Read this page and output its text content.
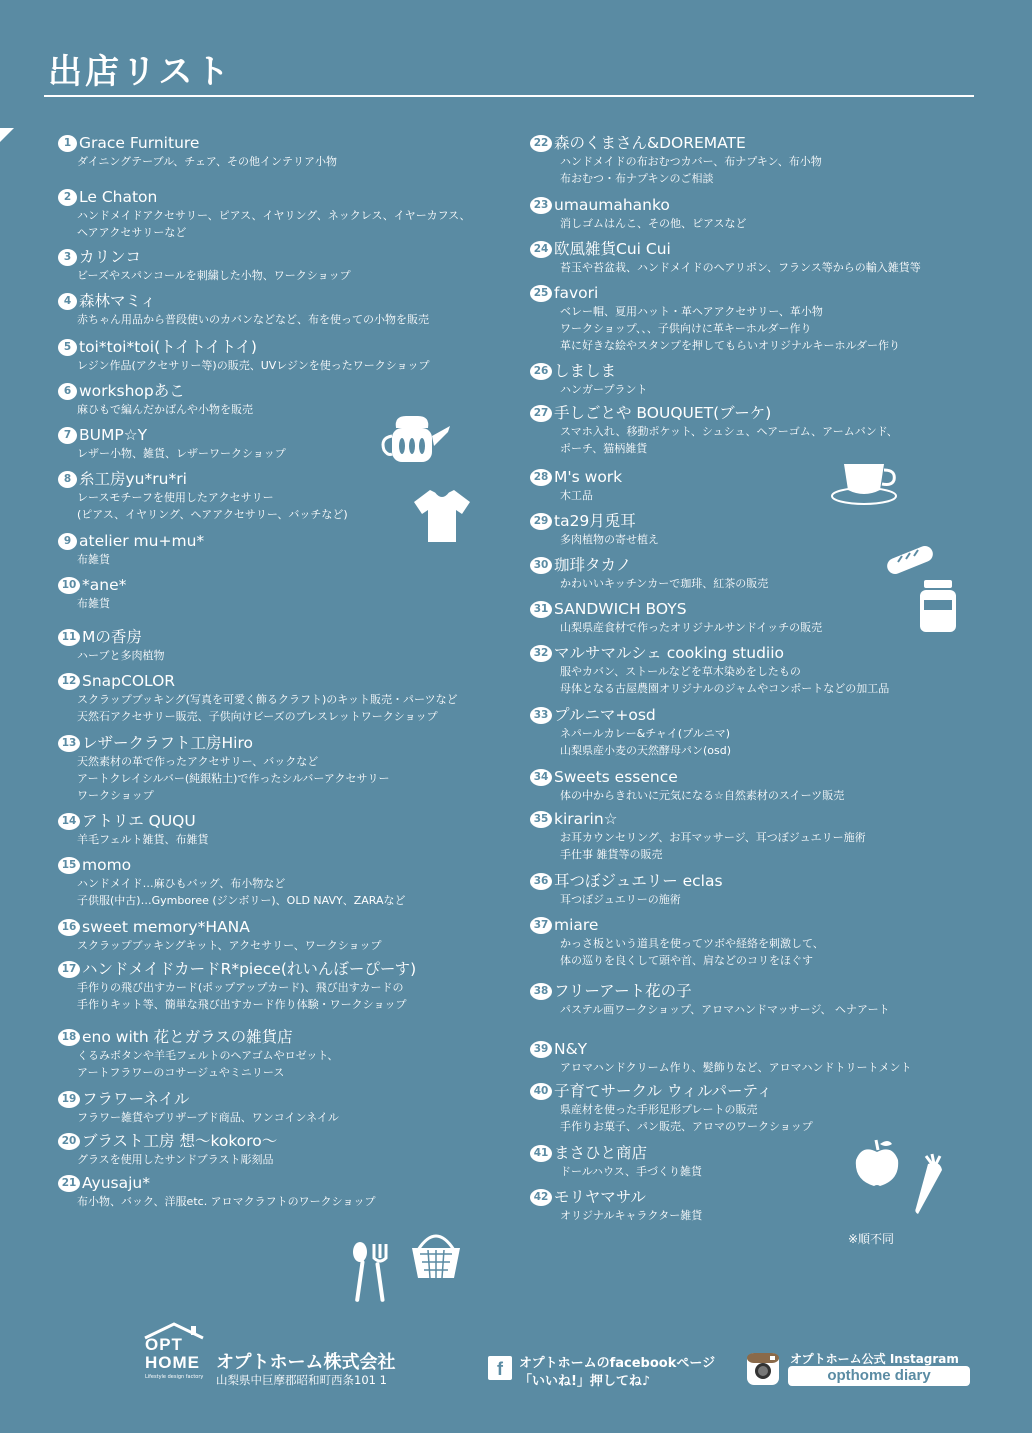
出店リスト
1 Grace Furniture
ダイニングテーブル、チェア、その他インテリア小物
2 Le Chaton
ハンドメイドアクセサリー、ピアス、イヤリング、ネックレス、イヤーカフス、
ヘアアクセサリーなど
3 カリンコ
ビーズやスパンコールを刺繍した小物、ワークショップ
4 森林マミィ
赤ちゃん用品から普段使いのカバンなどなど、布を使っての小物を販売
5 toi*toi*toi(トイトイトイ)
レジン作品(アクセサリー等)の販売、UVレジンを使ったワークショップ
6 workshopあこ
麻ひもで編んだかばんや小物を販売
7 BUMP☆Y
レザー小物、雑貨、レザーワークショップ
8 糸工房yu*ru*ri
レースモチーフを使用したアクセサリー
(ピアス、イヤリング、ヘアアクセサリー、バッチなど)
9 atelier mu+mu*
布雑貨
10 *ane*
布雑貨
11 Mの香房
ハーブと多肉植物
12 SnapCOLOR
スクラップブッキング(写真を可愛く飾るクラフト)のキット販売・パーツなど
天然石アクセサリー販売、子供向けビーズのブレスレットワークショップ
13 レザークラフト工房Hiro
天然素材の革で作ったアクセサリー、バックなど
アートクレイシルバー(純銀粘土)で作ったシルバーアクセサリー
ワークショップ
14 アトリエ QUQU
羊毛フェルト雑貨、布雑貨
15 momo
ハンドメイド…麻ひもバッグ、布小物など
子供服(中古)…Gymboree (ジンボリー)、OLD NAVY、ZARAなど
16 sweet memory*HANA
スクラップブッキングキット、アクセサリー、ワークショップ
17 ハンドメイドカードR*piece(れいんぼーぴーす)
手作りの飛び出すカード(ポップアップカード)、飛び出すカードの
手作りキット等、簡単な飛び出すカード作り体験・ワークショップ
18 eno with 花とガラスの雑貨店
くるみボタンや羊毛フェルトのヘアゴムやロゼット、
アートフラワーのコサージュやミニリース
19 フラワーネイル
フラワー雑貨やプリザーブド商品、ワンコインネイル
20 ブラスト工房 想〜kokoro〜
グラスを使用したサンドブラスト彫刻品
21 Ayusaju*
布小物、バック、洋服etc. アロマクラフトのワークショップ
22 森のくまさん&DOREMATE
ハンドメイドの布おむつカバー、布ナプキン、布小物
布おむつ・布ナプキンのご相談
23 umaumahanko
消しゴムはんこ、その他、ピアスなど
24 欧風雑貨Cui Cui
苔玉や苔盆栽、ハンドメイドのヘアリボン、フランス等からの輸入雑貨等
25 favori
ベレー帽、夏用ハット・革ヘアアクセサリー、革小物
ワークショップ、、、子供向けに革キーホルダー作り
革に好きな絵やスタンプを押してもらいオリジナルキーホルダー作り
26 しましま
ハンガープラント
27 手しごとや BOUQUET(ブーケ)
スマホ入れ、移動ポケット、シュシュ、ヘアーゴム、アームバンド、
ポーチ、猫柄雑貨
28 M's work
木工品
29 ta29月兎耳
多肉植物の寄せ植え
30 珈琲タカノ
かわいいキッチンカーで珈琲、紅茶の販売
31 SANDWICH BOYS
山梨県産食材で作ったオリジナルサンドイッチの販売
32 マルサマルシェ cooking studiio
服やカバン、ストールなどを草木染めをしたもの
母体となる古屋農園オリジナルのジャムやコンポートなどの加工品
33 プルニマ+osd
ネパールカレー&チャイ(プルニマ)
山梨県産小麦の天然酵母パン(osd)
34 Sweets essence
体の中からきれいに元気になる☆自然素材のスイーツ販売
35 kirarin☆
お耳カウンセリング、お耳マッサージ、耳つぼジュエリー施術
手仕事 雑貨等の販売
36 耳つぼジュエリー eclas
耳つぼジュエリーの施術
37 miare
かっさ板という道具を使ってツボや経絡を刺激して、
体の巡りを良くして頭や首、肩などのコリをほぐす
38 フリーアート花の子
パステル画ワークショップ、アロマハンドマッサージ、 ヘナアート
39 N&Y
アロマハンドクリーム作り、髪飾りなど、アロマハンドトリートメント
40 子育てサークル ウィルパーティ
県産材を使った手形足形プレートの販売
手作りお菓子、パン販売、アロマのワークショップ
41 まさひと商店
ドールハウス、手づくり雑貨
42 モリヤマサル
オリジナルキャラクター雑貨
※順不同
OPT
HOME
Lifestyle design factory
オプトホーム株式会社
山梨県中巨摩郡昭和町西条101 1
f	オプトホームのfacebookページ
「いいね!」押してね♪
オプトホーム公式 Instagram
opthome diary
